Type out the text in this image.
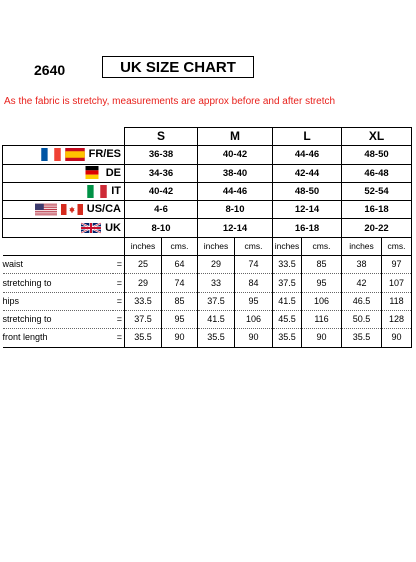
2640	UK SIZE CHART
As the fabric is stretchy, measurements are approx before and after stretch
		S		M		L		XL	

FR/ES		36-38		40-42		44-46		48-50	

DE		34-36		38-40		42-44		46-48	

IT		40-42		44-46		48-50		52-54	

US/CA		4-6		8-10		12-14		16-18	

UK		8-10		12-14		16-18		20-22	
		inches	cms.	inches	cms.	inches	cms.	inches	cms.
waist	=	25	64	29	74	33.5	85	38	97
stretching to	=	29	74	33	84	37.5	95	42	107
hips	=	33.5	85	37.5	95	41.5	106	46.5	118
stretching to	=	37.5	95	41.5	106	45.5	116	50.5	128
front length	=	35.5	90	35.5	90	35.5	90	35.5	90
